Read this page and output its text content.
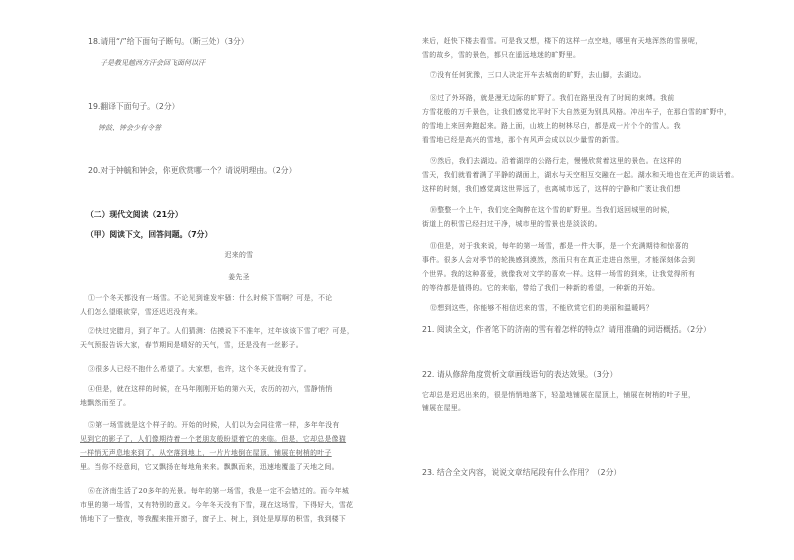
18.请用“/”给下面句子断句。（断三处）（3分）
子是教见越西方汗会回飞面何以汗
19.翻译下面句子。（2分）
钟鼓、钟会少有令誉
20.对于钟毓和钟会，你更欣赏哪一个？请说明理由。（2分）
（二）现代文阅读（21分）
（甲）阅读下文，回答问题。（7分）
迟来的雪
姜先圣
①一个冬天都没有一场雪。不论见到谁发牢骚：什么时候下雪啊？可是，不论
人们怎么望眼欲穿，雪还迟迟没有来。
②快过完腊月，到了年了。人们猜测：估摸说下不准年，过年该该下雪了吧？可是，
天气预报告诉大家，春节期间是晴好的天气，雪，还是没有一丝影子。
③很多人已经不抱什么希望了。大家想，也许，这个冬天就没有雪了。
④但是，就在这样的时候，在马年刚刚开始的第六天，农历的初六，雪静悄悄
地飘然而至了。
⑤第一场雪就是这个样子的。开始的时候，人们以为会同往常一样，多年年没有
见到它的影子了，人们像期待着一个老朋友般盼望着它的来临。但是，它却总是像猫
一样悄无声息地来到了，从空落到地上，一片片地倒在屋顶，铺展在树梢的叶子
里。当你不经意间，它又飘扬在每地角来来。飘飘而来，迅速地覆盖了天地之间。
⑥在济南生活了20多年的光景。每年的第一场雪，我是一定不会错过的。而今年城
市里的第一场雪，又有特别的意义。今年冬天没有下雪，现在这场雪，下得好大，雪花
悄地下了一整夜，等我醒来推开窗子，窗子上、树上，到处是厚厚的积雪，我到楼下
来后，赶快下楼去看雪。可是我又想，楼下的这样一点空地，哪里有天地浑然的雪景呢，
雪的故乡，雪的景色，都只在遥远地迷的旷野里。
⑦没有任何犹豫，三口人决定开车去城南的旷野，去山脚，去湖边。
⑧过了外环路，就是漫无边际的旷野了。我们在路里没有了时间的束缚。我前
方雪花般的万千景色，让我们感觉比平时下大自然更为别具风格。冲出车子，在那白雪的旷野中，
的雪地上来回奔跑起来。路上面，山坡上的树林尽白，都是成一片个个的雪人。我
看雪地已经是高兴的雪地，那个有风声会成以以少量雪的新雪。
⑨然后，我们去湖边。沿着湖岸的公路行走，慢慢欣赏着这里的景色。在这样的
雪天，我们就看着满了平静的湖面上，湖水与天空相互交融在一起。湖水和天地也在无声的谈话着。
这样的时刻，我们感觉离这世界远了，也离城市远了，这样的宁静和广袤让我们想
⑩整整一个上午，我们完全陶醉在这个雪的旷野里。当我们返回城里的时候，
街道上的积雪已经扫过干净，城市里的雪景也是淡淡的。
⑪但是，对于我来说，每年的第一场雪，都是一件大事，是一个充满期待和惊喜的
事件。很多人会对季节的轮换感到漠然，然而只有在真正走进自然里，才能深刻体会到
个世界。我的这种喜爱，就像我对文学的喜欢一样。这样一场雪的到来，让我觉得所有
的等待都是值得的。它的来临，带给了我们一种新的希望，一种新的开始。
⑫想到这些，你能够不相信迟来的雪，不能欣赏它们的美丽和温暖吗？
21. 阅读全文，作者笔下的济南的雪有着怎样的特点？请用准确的词语概括。（2分）
22. 请从修辞角度赏析文章画线语句的表达效果。（3分）
它却总是迟迟出来的，很是悄悄地落下，轻盈地铺展在屋顶上，铺展在树梢的叶子里，
铺展在屋里。
23. 结合全文内容，说说文章结尾段有什么作用？（2分）
